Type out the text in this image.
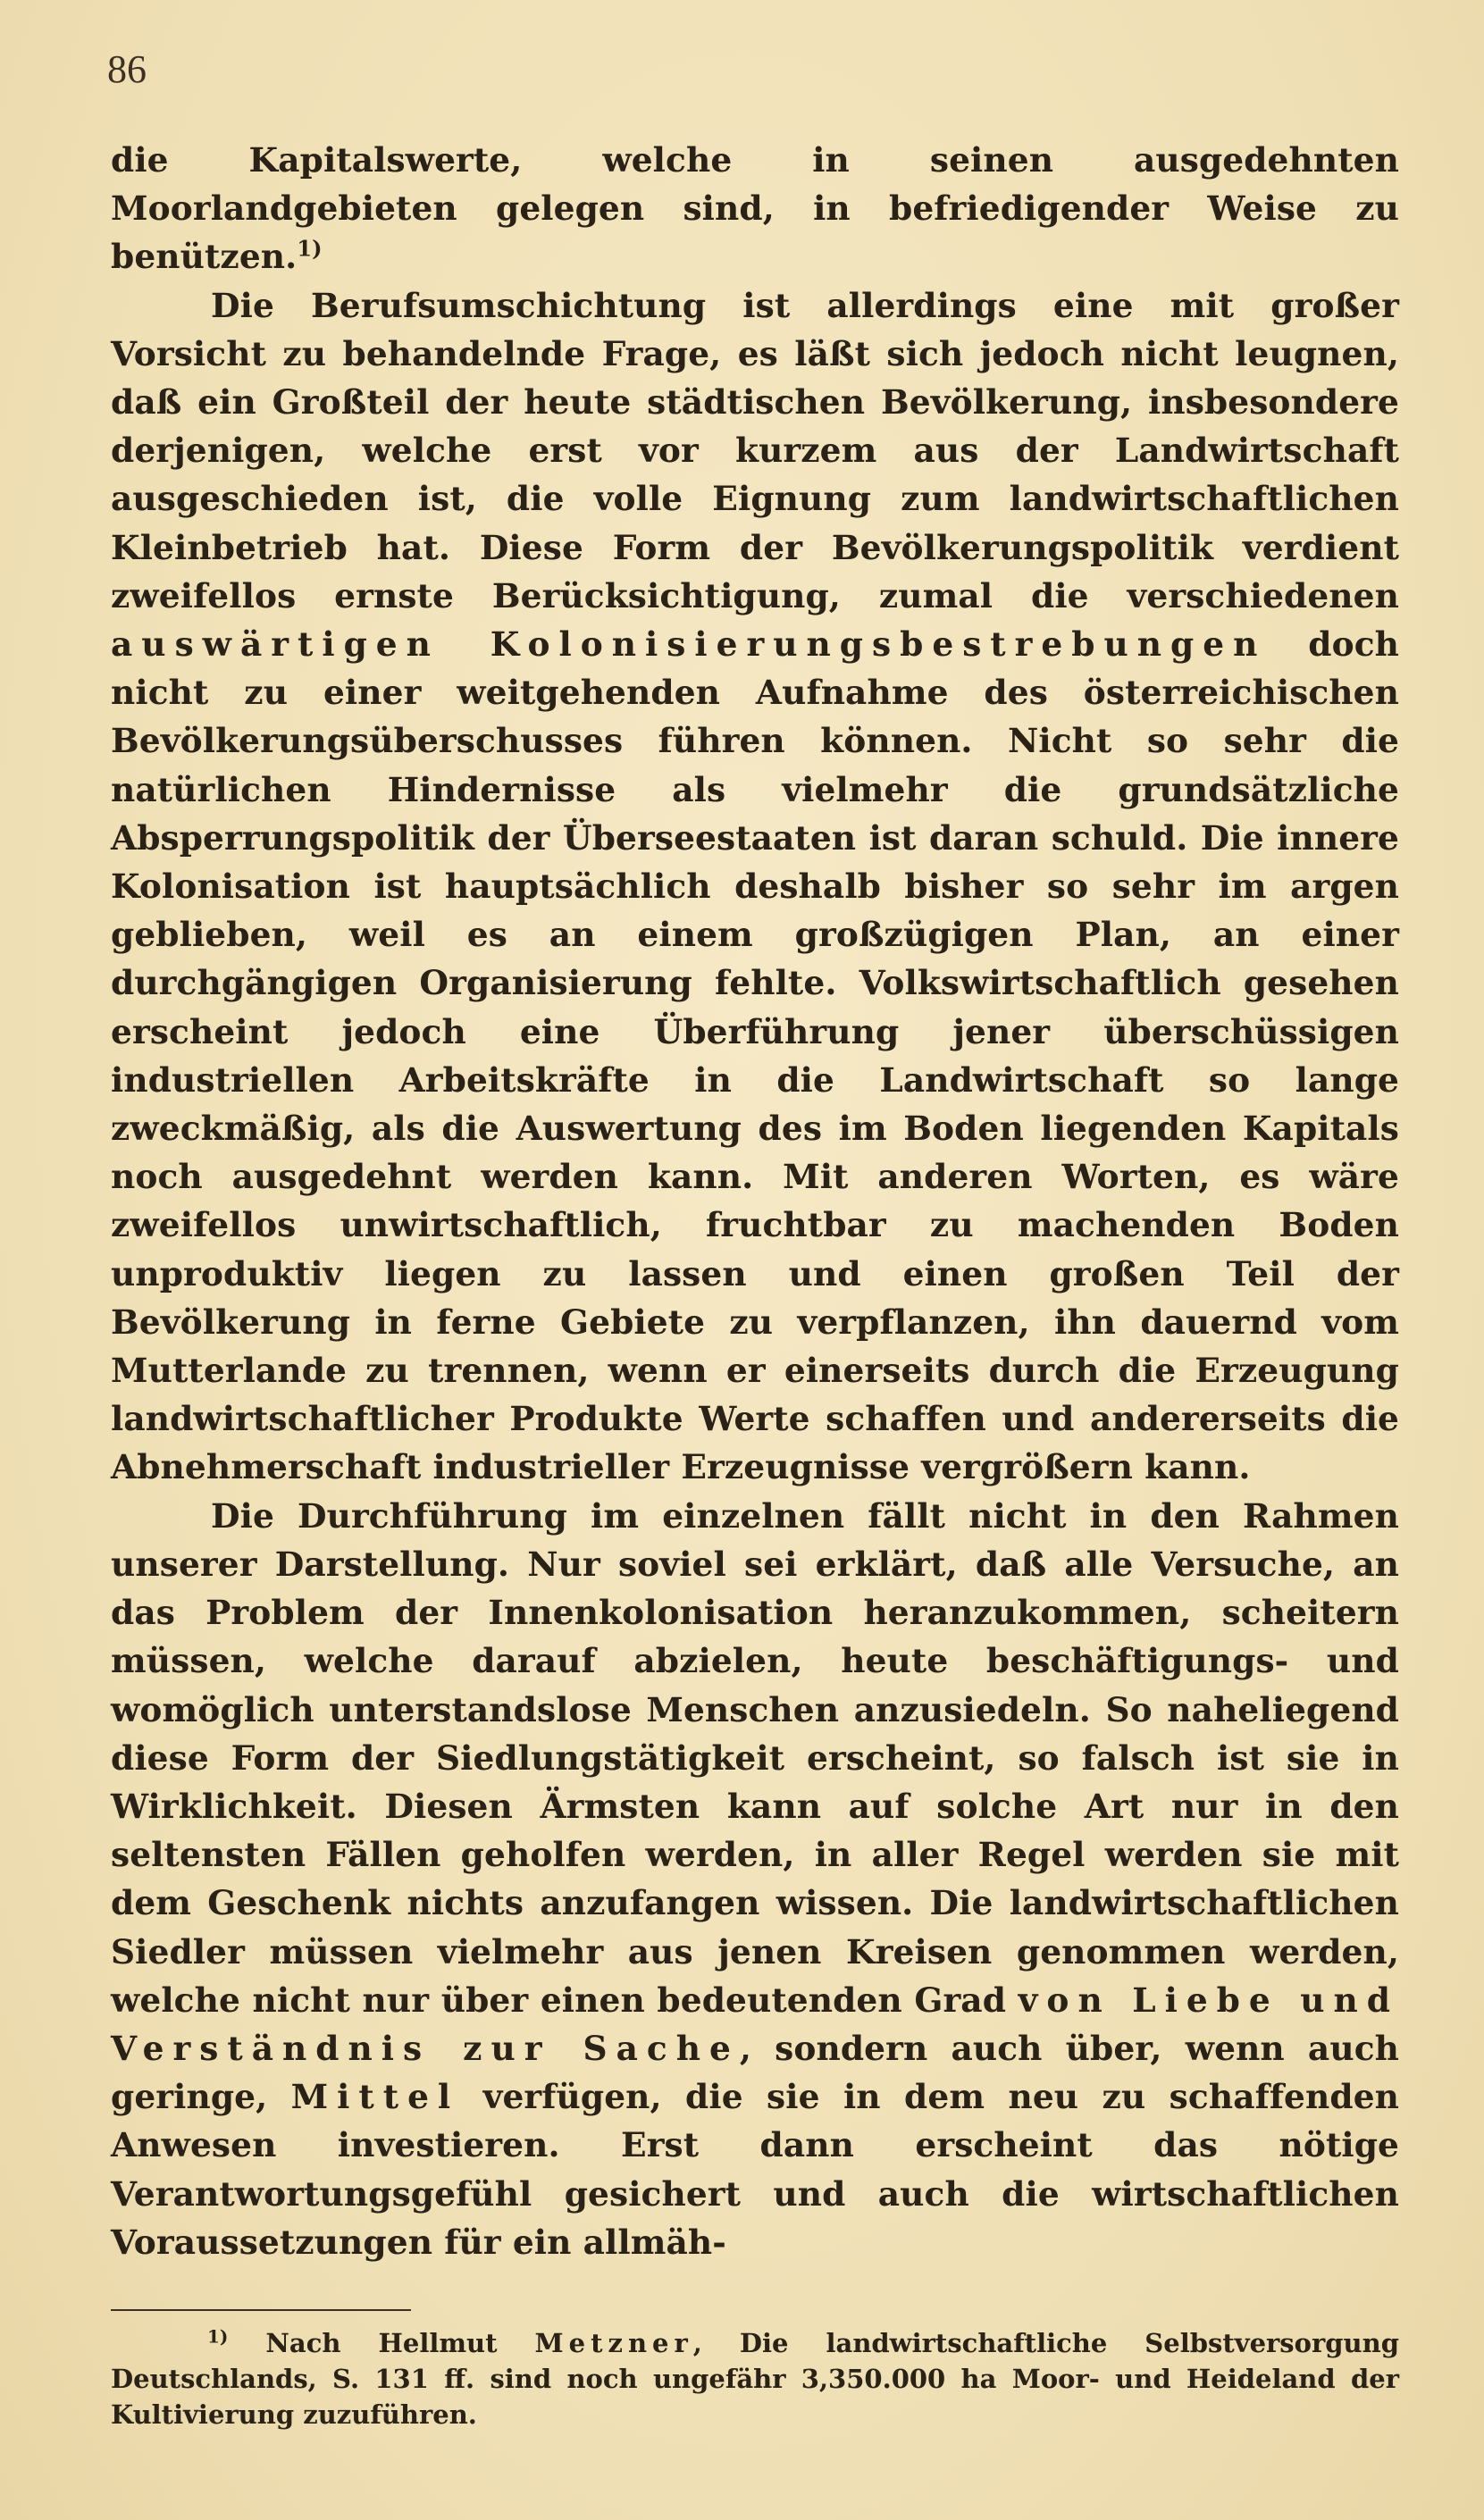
86

die Kapitalswerte, welche in seinen ausgedehnten Moorlandgebieten gelegen sind, in befriedigender Weise zu benützen.$^{1)}$

Die Berufsumschichtung ist allerdings eine mit großer Vorsicht zu behandelnde Frage, es läßt sich jedoch nicht leugnen, daß ein Großteil der heute städtischen Bevölkerung, insbesondere derjenigen, welche erst vor kurzem aus der Landwirtschaft ausgeschieden ist, die volle Eignung zum landwirtschaftlichen Kleinbetrieb hat. Diese Form der Bevölkerungspolitik verdient zweifellos ernste Berücksichtigung, zumal die verschiedenen auswärtigen Kolonisierungsbestrebungen doch nicht zu einer weitgehenden Aufnahme des österreichischen Bevölkerungsüberschusses führen können. Nicht so sehr die natürlichen Hindernisse als vielmehr die grundsätzliche Absperrungspolitik der Überseestaaten ist daran schuld. Die innere Kolonisation ist hauptsächlich deshalb bisher so sehr im argen geblieben, weil es an einem großzügigen Plan, an einer durchgängigen Organisierung fehlte. Volkswirtschaftlich gesehen erscheint jedoch eine Überführung jener überschüssigen industriellen Arbeitskräfte in die Landwirtschaft so lange zweckmäßig, als die Auswertung des im Boden liegenden Kapitals noch ausgedehnt werden kann. Mit anderen Worten, es wäre zweifellos unwirtschaftlich, fruchtbar zu machenden Boden unproduktiv liegen zu lassen und einen großen Teil der Bevölkerung in ferne Gebiete zu verpflanzen, ihn dauernd vom Mutterlande zu trennen, wenn er einerseits durch die Erzeugung landwirtschaftlicher Produkte Werte schaffen und andererseits die Abnehmerschaft industrieller Erzeugnisse vergrößern kann.

Die Durchführung im einzelnen fällt nicht in den Rahmen unserer Darstellung. Nur soviel sei erklärt, daß alle Versuche, an das Problem der Innenkolonisation heranzukommen, scheitern müssen, welche darauf abzielen, heute beschäftigungs- und womöglich unterstandslose Menschen anzusiedeln. So naheliegend diese Form der Siedlungstätigkeit erscheint, so falsch ist sie in Wirklichkeit. Diesen Ärmsten kann auf solche Art nur in den seltensten Fällen geholfen werden, in aller Regel werden sie mit dem Geschenk nichts anzufangen wissen. Die landwirtschaftlichen Siedler müssen vielmehr aus jenen Kreisen genommen werden, welche nicht nur über einen bedeutenden Grad von Liebe und Verständnis zur Sache, sondern auch über, wenn auch geringe, Mittel verfügen, die sie in dem neu zu schaffenden Anwesen investieren. Erst dann erscheint das nötige Verantwortungsgefühl gesichert und auch die wirtschaftlichen Voraussetzungen für ein allmäh-

$^{1)}$ Nach Hellmut Metzner, Die landwirtschaftliche Selbstversorgung Deutschlands, S. 131 ff. sind noch ungefähr 3,350.000 ha Moor- und Heideland der Kultivierung zuzuführen.
